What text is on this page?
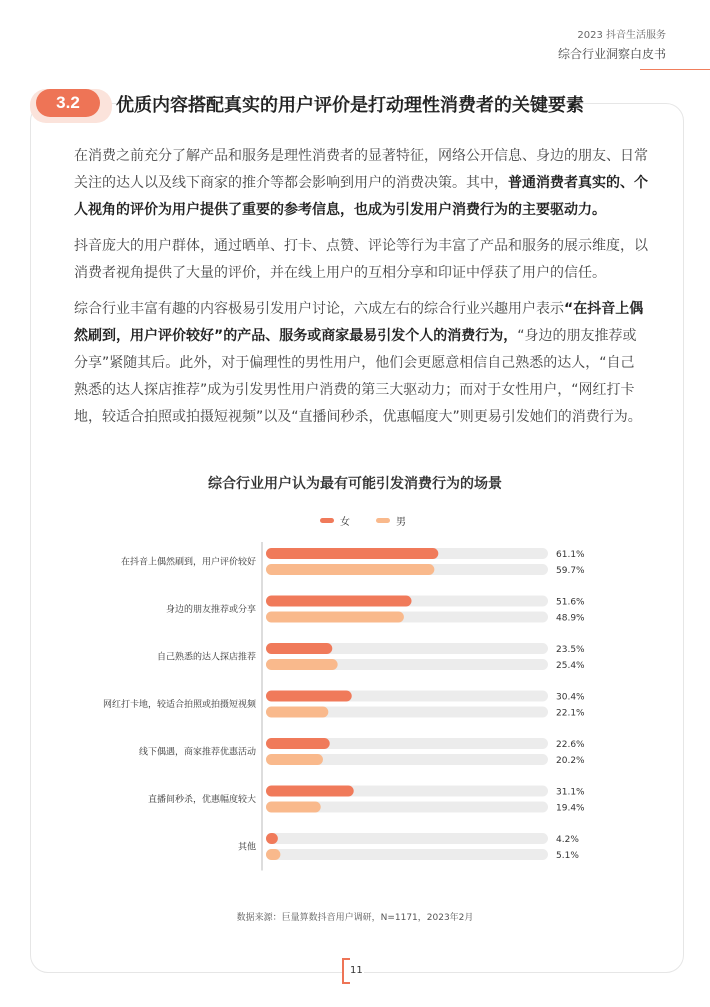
2023 抖音生活服务
综合行业洞察白皮书
3.2	优质内容搭配真实的用户评价是打动理性消费者的关键要素
在消费之前充分了解产品和服务是理性消费者的显著特征，网络公开信息、身边的朋友、日常关注的达人以及线下商家的推介等都会影响到用户的消费决策。其中，普通消费者真实的、个人视角的评价为用户提供了重要的参考信息，也成为引发用户消费行为的主要驱动力。
抖音庞大的用户群体，通过晒单、打卡、点赞、评论等行为丰富了产品和服务的展示维度，以消费者视角提供了大量的评价，并在线上用户的互相分享和印证中俘获了用户的信任。
综合行业丰富有趣的内容极易引发用户讨论，六成左右的综合行业兴趣用户表示“在抖音上偶然刷到，用户评价较好”的产品、服务或商家最易引发个人的消费行为，“身边的朋友推荐或分享”紧随其后。此外，对于偏理性的男性用户，他们会更愿意相信自己熟悉的达人，“自己熟悉的达人探店推荐”成为引发男性用户消费的第三大驱动力；而对于女性用户，“网红打卡地，较适合拍照或拍摄短视频”以及“直播间秒杀，优惠幅度大”则更易引发她们的消费行为。
综合行业用户认为最有可能引发消费行为的场景
女	男
在抖音上偶然刷到，用户评价较好
61.1%
59.7%
身边的朋友推荐或分享
51.6%
48.9%
自己熟悉的达人探店推荐
23.5%
25.4%
网红打卡地，较适合拍照或拍摄短视频
30.4%
22.1%
线下偶遇，商家推荐优惠活动
22.6%
20.2%
直播间秒杀，优惠幅度较大
31.1%
19.4%
其他
4.2%
5.1%
数据来源：巨量算数抖音用户调研，N=1171，2023年2月
11
